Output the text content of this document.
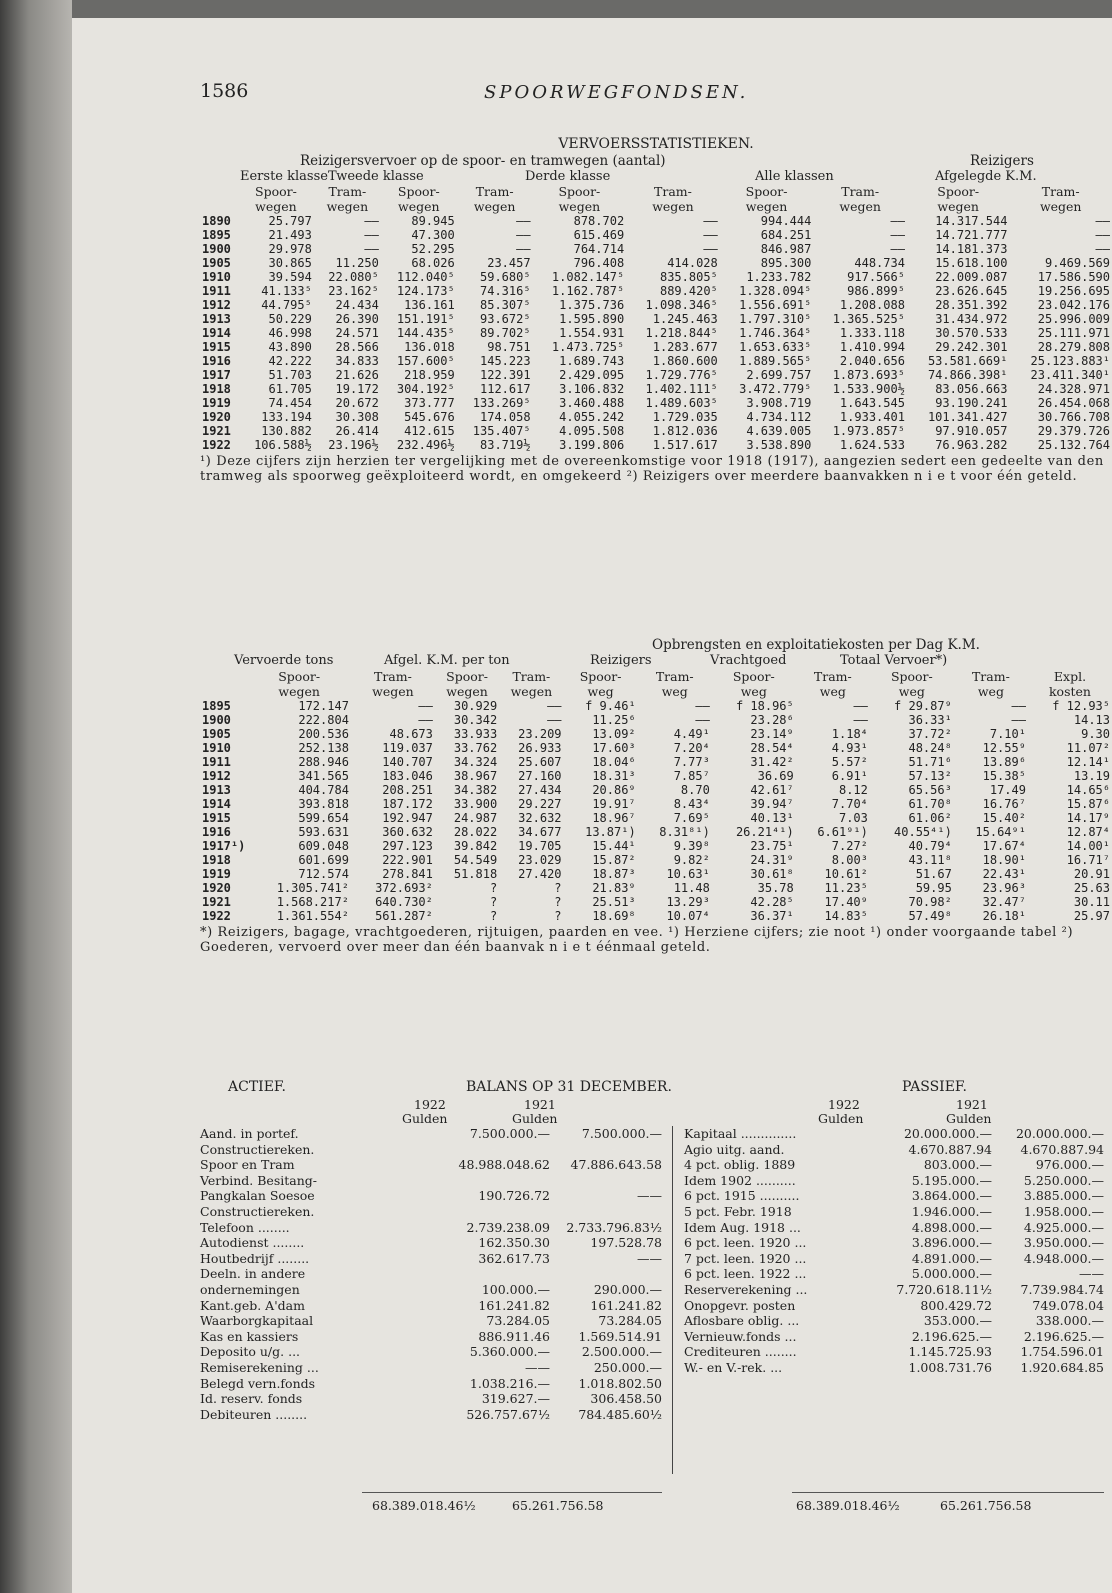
1586	SPOORWEGFONDSEN.
VERVOERSSTATISTIEKEN.
Reizigersvervoer op de spoor- en tramwegen (aantal)	Reizigers
Eerste klasse Tweede klasse	Derde klasse	Alle klassen	Afgelegde K.M.
	Spoor-	Tram-	Spoor-	Tram-	Spoor-	Tram-	Spoor-	Tram-	Spoor-	Tram-
	wegen	wegen	wegen	wegen	wegen	wegen	wegen	wegen	wegen	wegen
1890	25.797	——	89.945	——	878.702	——	994.444	——	14.317.544	——
1895	21.493	——	47.300	——	615.469	——	684.251	——	14.721.777	——
1900	29.978	——	52.295	——	764.714	——	846.987	——	14.181.373	——
1905	30.865	11.250	68.026	23.457	796.408	414.028	895.300	448.734	15.618.100	9.469.569
1910	39.594	22.080⁵	112.040⁵	59.680⁵	1.082.147⁵	835.805⁵	1.233.782	917.566⁵	22.009.087	17.586.590
1911	41.133⁵	23.162⁵	124.173⁵	74.316⁵	1.162.787⁵	889.420⁵	1.328.094⁵	986.899⁵	23.626.645	19.256.695
1912	44.795⁵	24.434	136.161	85.307⁵	1.375.736	1.098.346⁵	1.556.691⁵	1.208.088	28.351.392	23.042.176
1913	50.229	26.390	151.191⁵	93.672⁵	1.595.890	1.245.463	1.797.310⁵	1.365.525⁵	31.434.972	25.996.009
1914	46.998	24.571	144.435⁵	89.702⁵	1.554.931	1.218.844⁵	1.746.364⁵	1.333.118	30.570.533	25.111.971
1915	43.890	28.566	136.018	98.751	1.473.725⁵	1.283.677	1.653.633⁵	1.410.994	29.242.301	28.279.808
1916	42.222	34.833	157.600⁵	145.223	1.689.743	1.860.600	1.889.565⁵	2.040.656	53.581.669¹	25.123.883¹
1917	51.703	21.626	218.959	122.391	2.429.095	1.729.776⁵	2.699.757	1.873.693⁵	74.866.398¹	23.411.340¹
1918	61.705	19.172	304.192⁵	112.617	3.106.832	1.402.111⁵	3.472.779⁵	1.533.900½	83.056.663	24.328.971
1919	74.454	20.672	373.777	133.269⁵	3.460.488	1.489.603⁵	3.908.719	1.643.545	93.190.241	26.454.068
1920	133.194	30.308	545.676	174.058	4.055.242	1.729.035	4.734.112	1.933.401	101.341.427	30.766.708
1921	130.882	26.414	412.615	135.407⁵	4.095.508	1.812.036	4.639.005	1.973.857⁵	97.910.057	29.379.726
1922	106.588½	23.196½	232.496½	83.719½	3.199.806	1.517.617	3.538.890	1.624.533	76.963.282	25.132.764
¹) Deze cijfers zijn herzien ter vergelijking met de overeenkomstige voor 1918 (1917), aangezien sedert een gedeelte van den tramweg als spoorweg geëxploiteerd wordt, en omgekeerd ²) Reizigers over meerdere baanvakken n i e t voor één geteld.
Opbrengsten en exploitatiekosten per Dag K.M.
Vervoerde tons	Afgel. K.M. per ton	Reizigers	Vrachtgoed	Totaal Vervoer*)
	Spoor-	Tram-	Spoor-	Tram-	Spoor-	Tram-	Spoor-	Tram-	Spoor-	Tram-	Expl.
	wegen	wegen	wegen	wegen	weg	weg	weg	weg	weg	weg	kosten
1895	172.147	——	30.929	——	f 9.46¹	——	f 18.96⁵	——	f 29.87⁹	——	f 12.93⁵
1900	222.804	——	30.342	——	11.25⁶	——	23.28⁶	——	36.33¹	——	14.13
1905	200.536	48.673	33.933	23.209	13.09²	4.49¹	23.14⁹	1.18⁴	37.72²	7.10¹	9.30
1910	252.138	119.037	33.762	26.933	17.60³	7.20⁴	28.54⁴	4.93¹	48.24⁸	12.55⁹	11.07²
1911	288.946	140.707	34.324	25.607	18.04⁶	7.77³	31.42²	5.57²	51.71⁶	13.89⁶	12.14¹
1912	341.565	183.046	38.967	27.160	18.31³	7.85⁷	36.69	6.91¹	57.13²	15.38⁵	13.19
1913	404.784	208.251	34.382	27.434	20.86⁹	8.70	42.61⁷	8.12	65.56³	17.49	14.65⁶
1914	393.818	187.172	33.900	29.227	19.91⁷	8.43⁴	39.94⁷	7.70⁴	61.70⁸	16.76⁷	15.87⁶
1915	599.654	192.947	24.987	32.632	18.96⁷	7.69⁵	40.13¹	7.03	61.06²	15.40²	14.17⁹
1916	593.631	360.632	28.022	34.677	13.87¹)	8.31⁸¹)	26.21⁴¹)	6.61⁹¹)	40.55⁴¹)	15.64⁹¹	12.87⁴
1917¹)	609.048	297.123	39.842	19.705	15.44¹	9.39⁸	23.75¹	7.27²	40.79⁴	17.67⁴	14.00¹
1918	601.699	222.901	54.549	23.029	15.87²	9.82²	24.31⁹	8.00³	43.11⁸	18.90¹	16.71⁷
1919	712.574	278.841	51.818	27.420	18.87³	10.63¹	30.61⁸	10.61²	51.67	22.43¹	20.91
1920	1.305.741²	372.693²	?	?	21.83⁹	11.48	35.78	11.23⁵	59.95	23.96³	25.63
1921	1.568.217²	640.730²	?	?	25.51³	13.29³	42.28⁵	17.40⁹	70.98²	32.47⁷	30.11
1922	1.361.554²	561.287²	?	?	18.69⁸	10.07⁴	36.37¹	14.83⁵	57.49⁸	26.18¹	25.97
*) Reizigers, bagage, vrachtgoederen, rijtuigen, paarden en vee. ¹) Herziene cijfers; zie noot ¹) onder voorgaande tabel ²) Goederen, vervoerd over meer dan één baanvak n i e t éénmaal geteld.
ACTIEF.	BALANS OP 31 DECEMBER.	PASSIEF.
1922	1921	1922	1921
Gulden	Gulden	Gulden	Gulden
Aand. in portef.	7.500.000.—	7.500.000.—
Constructiereken.
Spoor en Tram	48.988.048.62 47.886.643.58
Verbind. Besitang-
Pangkalan Soesoe	190.726.72	——
Constructiereken.
Telefoon ........	2.739.238.09 2.733.796.83½
Autodienst ........	162.350.30	197.528.78
Houtbedrijf ........	362.617.73	——
Deeln. in andere
ondernemingen	100.000.—	290.000.—
Kant.geb. A'dam	161.241.82	161.241.82
Waarborgkapitaal	73.284.05	73.284.05
Kas en kassiers	886.911.46 1.569.514.91
Deposito u/g. ...	5.360.000.—	2.500.000.—
Remiserekening ...	——	250.000.—
Belegd vern.fonds	1.038.216.— 1.018.802.50
Id. reserv. fonds	319.627.—	306.458.50
Debiteuren ........	526.757.67½ 784.485.60½
Kapitaal ..............	20.000.000.— 20.000.000.—
Agio uitg. aand.	4.670.887.94 4.670.887.94
4 pct. oblig. 1889	803.000.—	976.000.—
Idem 1902 ..........	5.195.000.—	5.250.000.—
6 pct. 1915 ..........	3.864.000.—	3.885.000.—
5 pct. Febr. 1918	1.946.000.—	1.958.000.—
Idem Aug. 1918 ...	4.898.000.—	4.925.000.—
6 pct. leen. 1920 ...	3.896.000.—	3.950.000.—
7 pct. leen. 1920 ...	4.891.000.—	4.948.000.—
6 pct. leen. 1922 ...	5.000.000.—	——
Reserverekening ...	7.720.618.11½ 7.739.984.74
Onopgevr. posten	800.429.72	749.078.04
Aflosbare oblig. ...	353.000.—	338.000.—
Vernieuw.fonds ...	2.196.625.—	2.196.625.—
Crediteuren ........	1.145.725.93 1.754.596.01
W.- en V.-rek. ...	1.008.731.76 1.920.684.85
68.389.018.46½	65.261.756.58	68.389.018.46½	65.261.756.58
